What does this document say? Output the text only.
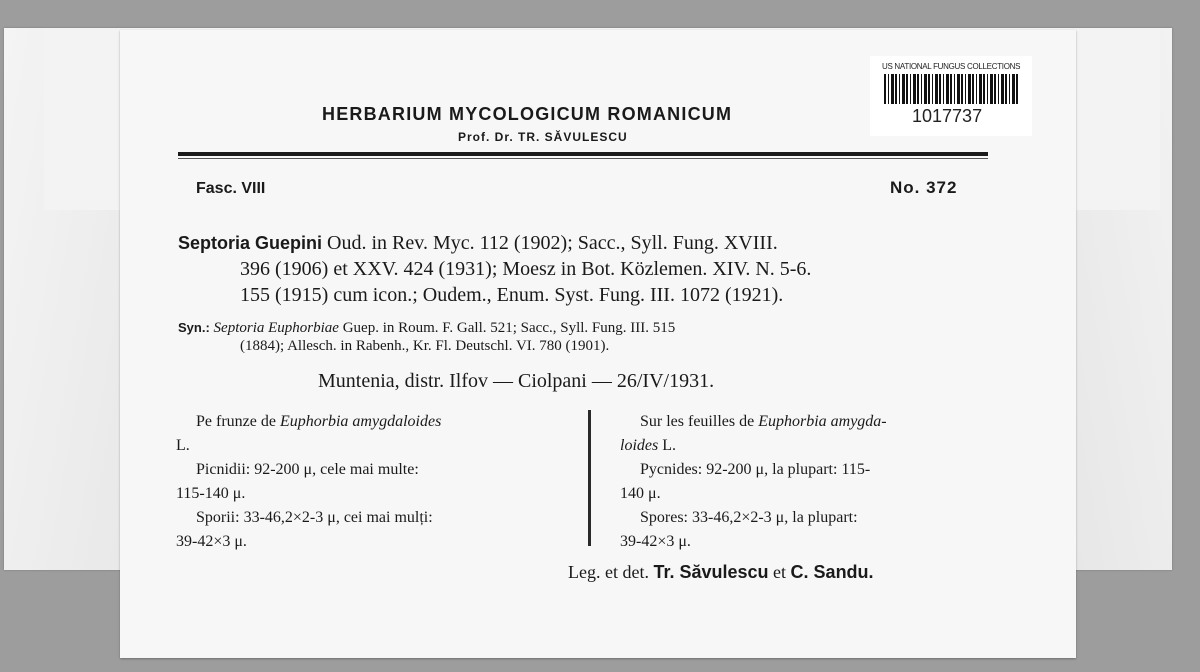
US NATIONAL FUNGUS COLLECTIONS
1017737
HERBARIUM MYCOLOGICUM ROMANICUM
Prof. Dr. TR. SĂVULESCU
Fasc. VIII	No. 372
Septoria Guepini Oud. in Rev. Myc. 112 (1902); Sacc., Syll. Fung. XVIII.
396 (1906) et XXV. 424 (1931); Moesz in Bot. Közlemen. XIV. N. 5-6.
155 (1915) cum icon.; Oudem., Enum. Syst. Fung. III. 1072 (1921).
Syn.: Septoria Euphorbiae Guep. in Roum. F. Gall. 521; Sacc., Syll. Fung. III. 515
(1884); Allesch. in Rabenh., Kr. Fl. Deutschl. VI. 780 (1901).
Muntenia, distr. Ilfov — Ciolpani — 26/IV/1931.
Pe frunze de Euphorbia amygdaloides
L.
Picnidii: 92-200 μ, cele mai multe:
115-140 μ.
Sporii: 33-46,2×2-3 μ, cei mai mulți:
39-42×3 μ.
Sur les feuilles de Euphorbia amygda-
loides L.
Pycnides: 92-200 μ, la plupart: 115-
140 μ.
Spores: 33-46,2×2-3 μ, la plupart:
39-42×3 μ.
Leg. et det. Tr. Săvulescu et C. Sandu.
